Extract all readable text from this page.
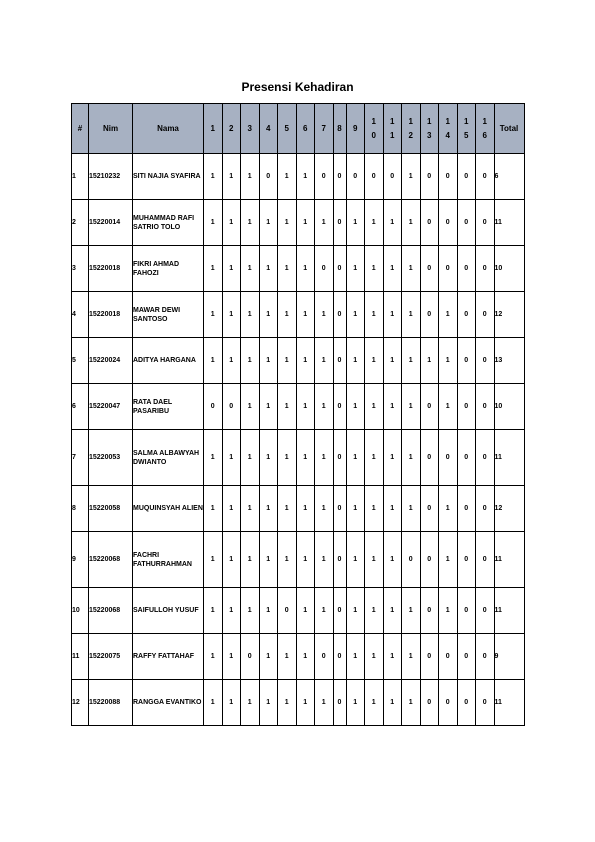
Presensi Kehadiran
#	Nim	Nama	1	2	3	4	5	6	7	8	9	10	11	12	13	14	15	16	Total
1	15210232	SITI NAJIA SYAFIRA	1	1	1	0	1	1	0	0	0	0	0	1	0	0	0	0	6
2	15220014	MUHAMMAD RAFI SATRIO TOLO	1	1	1	1	1	1	1	0	1	1	1	1	0	0	0	0	11
3	15220018	FIKRI AHMAD FAHOZI	1	1	1	1	1	1	0	0	1	1	1	1	0	0	0	0	10
4	15220018	MAWAR DEWI SANTOSO	1	1	1	1	1	1	1	0	1	1	1	1	0	1	0	0	12
5	15220024	ADITYA HARGANA	1	1	1	1	1	1	1	0	1	1	1	1	1	1	0	0	13
6	15220047	RATA DAEL PASARIBU	0	0	1	1	1	1	1	0	1	1	1	1	0	1	0	0	10
7	15220053	SALMA ALBAWYAH DWIANTO	1	1	1	1	1	1	1	0	1	1	1	1	0	0	0	0	11
8	15220058	MUQUINSYAH ALIEN	1	1	1	1	1	1	1	0	1	1	1	1	0	1	0	0	12
9	15220068	FACHRI FATHURRAHMAN	1	1	1	1	1	1	1	0	1	1	1	0	0	1	0	0	11
10	15220068	SAIFULLOH YUSUF	1	1	1	1	0	1	1	0	1	1	1	1	0	1	0	0	11
11	15220075	RAFFY FATTAHAF	1	1	0	1	1	1	0	0	1	1	1	1	0	0	0	0	9
12	15220088	RANGGA EVANTIKO	1	1	1	1	1	1	1	0	1	1	1	1	0	0	0	0	11
